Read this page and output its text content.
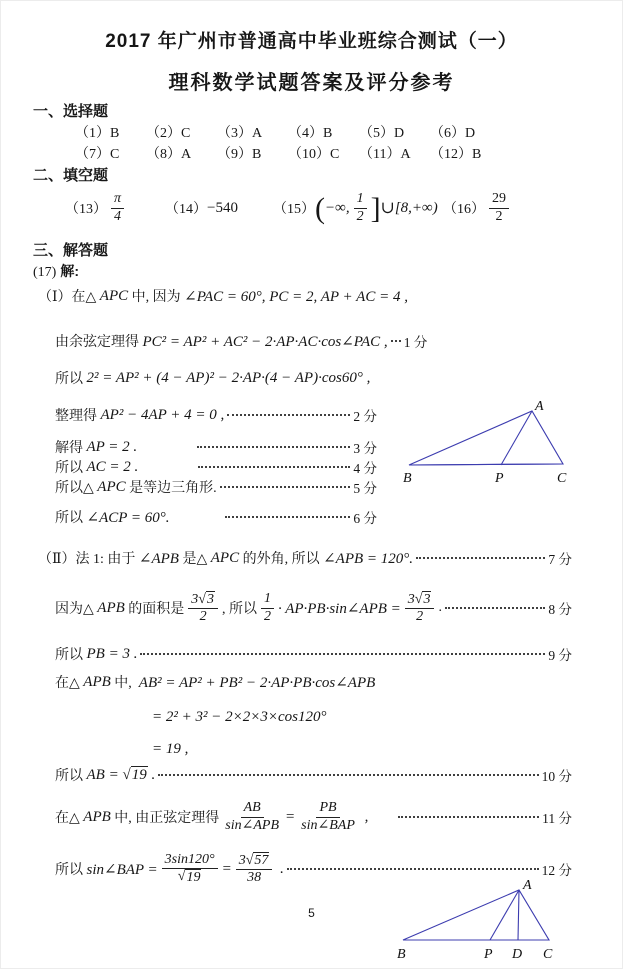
2017 年广州市普通高中毕业班综合测试（一）
理科数学试题答案及评分参考
一、选择题
（1）B	（2）C	（3）A	（4）B	（5）D	（6）D
（7）C	（8）A	（9）B	（10）C	（11）A	（12）B
二、填空题
$(13) \frac{\pi}{4}$	（14） −540	（15） ( −∞, $\frac{1}{2}$ ] ∪ [8,+∞) $(16) \frac{29}{2}$
三、解答题
(17) 解:
（Ⅰ）在△ APC 中, 因为 ∠PAC = 60°, PC = 2, AP + AC = 4 ,
由余弦定理得 PC² = AP² + AC² − 2·AP·AC·cos∠PAC , 1 分
所以 2² = AP² + (4 − AP)² − 2·AP·(4 − AP)·cos60° ,
整理得 AP² − 4AP + 4 = 0 ,	2 分
解得 AP = 2 .	3 分
所以 AC = 2 .	4 分
所以△ APC 是等边三角形.	5 分
所以 ∠ACP = 60°.	6 分
（Ⅱ）法 1: 由于 ∠APB 是△ APC 的外角, 所以 ∠APB = 120°.	7 分
因为△ APB 的面积是 $\frac{3√ 3}{2}$ , 所以 $\frac{1}{2}$ · AP·PB·sin∠APB = $\frac{3√ 3}{2}$ .	8 分
所以 PB = 3 .	9 分
在△ APB 中, AB² = AP² + PB² − 2·AP·PB·cos∠APB
= 2² + 3² − 2×2×3×cos120°
= 19 ,
所以 AB = √ 19 .	10 分
在△ APB 中, 由正弦定理得 $\frac{AB}{\text{sin∠APB}} = \frac{PB}{\text{sin∠BAP}}$ ,	11 分
所以 sin∠BAP = $\frac{3\sin 120^\circ}{√ 19} = \frac{3√ 57}{38}$ .	12 分
A
B	P	C
A
B	P D C
5
